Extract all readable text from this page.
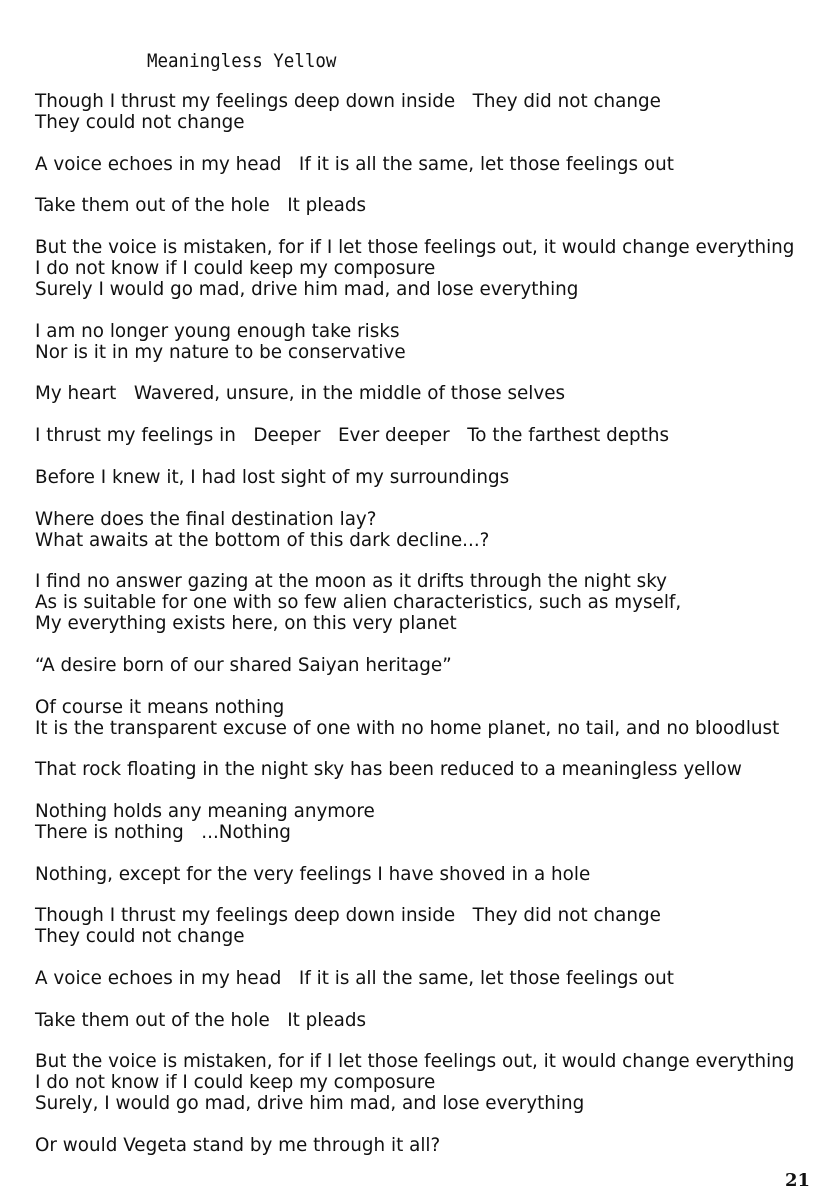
Meaningless Yellow
Though I thrust my feelings deep down inside   They did not change
They could not change
A voice echoes in my head   If it is all the same, let those feelings out
Take them out of the hole   It pleads
But the voice is mistaken, for if I let those feelings out, it would change everything
I do not know if I could keep my composure
Surely I would go mad, drive him mad, and lose everything
I am no longer young enough take risks
Nor is it in my nature to be conservative
My heart   Wavered, unsure, in the middle of those selves
I thrust my feelings in   Deeper   Ever deeper   To the farthest depths
Before I knew it, I had lost sight of my surroundings
Where does the final destination lay?
What awaits at the bottom of this dark decline...?
I find no answer gazing at the moon as it drifts through the night sky
As is suitable for one with so few alien characteristics, such as myself,
My everything exists here, on this very planet
“A desire born of our shared Saiyan heritage”
Of course it means nothing
It is the transparent excuse of one with no home planet, no tail, and no bloodlust
That rock floating in the night sky has been reduced to a meaningless yellow
Nothing holds any meaning anymore
There is nothing   ...Nothing
Nothing, except for the very feelings I have shoved in a hole
Though I thrust my feelings deep down inside   They did not change
They could not change
A voice echoes in my head   If it is all the same, let those feelings out
Take them out of the hole   It pleads
But the voice is mistaken, for if I let those feelings out, it would change everything
I do not know if I could keep my composure
Surely, I would go mad, drive him mad, and lose everything
Or would Vegeta stand by me through it all?
21
